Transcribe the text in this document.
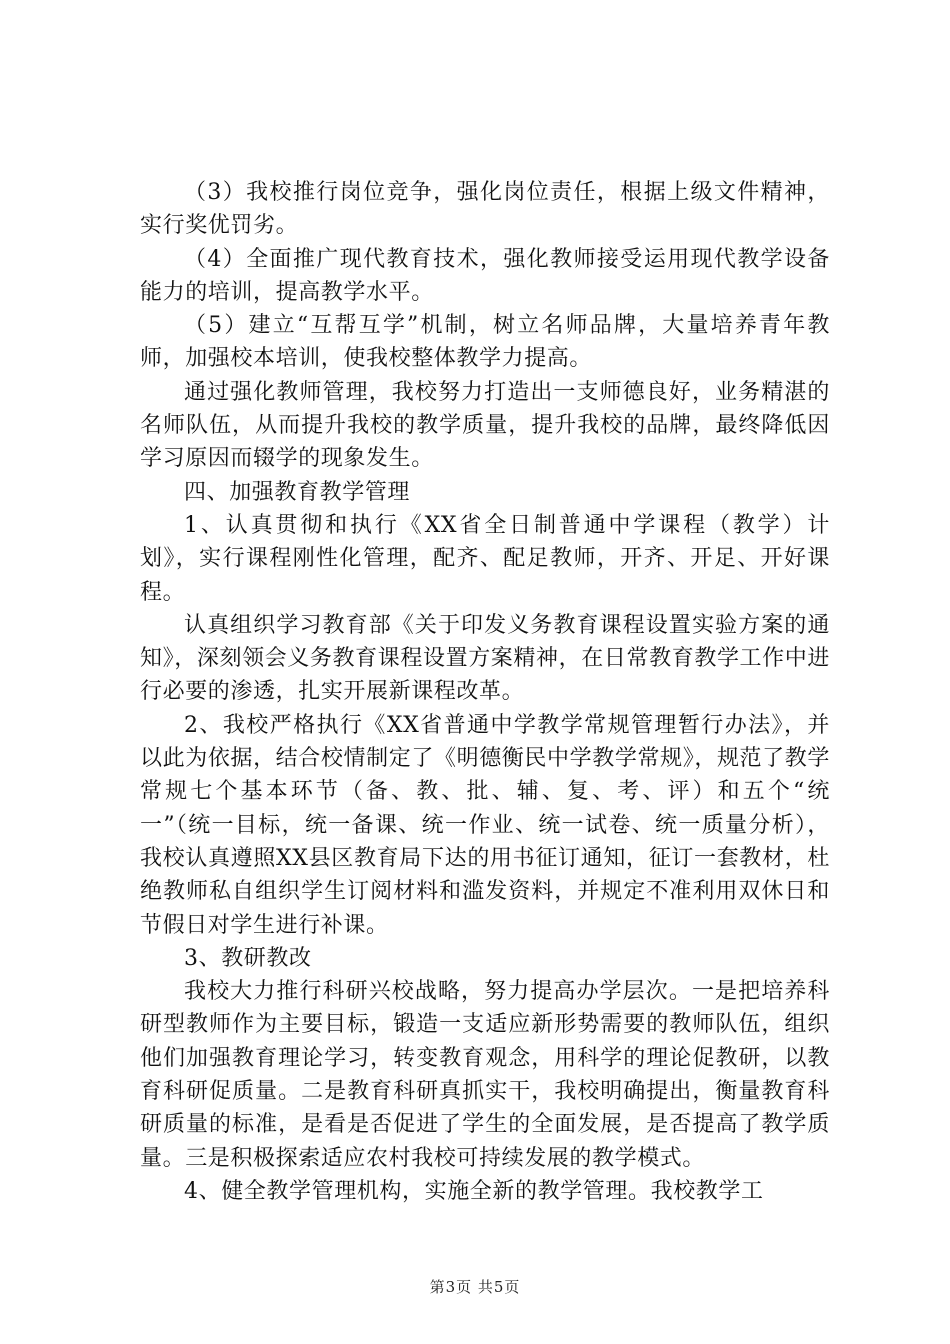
（3）我校推行岗位竞争，强化岗位责任，根据上级文件精神，实行奖优罚劣。

（4）全面推广现代教育技术，强化教师接受运用现代教学设备能力的培训，提高教学水平。

（5）建立“互帮互学”机制，树立名师品牌，大量培养青年教师，加强校本培训，使我校整体教学力提高。

通过强化教师管理，我校努力打造出一支师德良好，业务精湛的名师队伍，从而提升我校的教学质量，提升我校的品牌，最终降低因学习原因而辍学的现象发生。

四、加强教育教学管理

1、认真贯彻和执行《XX省全日制普通中学课程（教学）计划》，实行课程刚性化管理，配齐、配足教师，开齐、开足、开好课程。

认真组织学习教育部《关于印发义务教育课程设置实验方案的通知》，深刻领会义务教育课程设置方案精神，在日常教育教学工作中进行必要的渗透，扎实开展新课程改革。

2、我校严格执行《XX省普通中学教学常规管理暂行办法》，并以此为依据，结合校情制定了《明德衡民中学教学常规》，规范了教学常规七个基本环节（备、教、批、辅、复、考、评）和五个“统一”（统一目标，统一备课、统一作业、统一试卷、统一质量分析），我校认真遵照XX县区教育局下达的用书征订通知，征订一套教材，杜绝教师私自组织学生订阅材料和滥发资料，并规定不准利用双休日和节假日对学生进行补课。

3、教研教改

我校大力推行科研兴校战略，努力提高办学层次。一是把培养科研型教师作为主要目标，锻造一支适应新形势需要的教师队伍，组织他们加强教育理论学习，转变教育观念，用科学的理论促教研，以教育科研促质量。二是教育科研真抓实干，我校明确提出，衡量教育科研质量的标准，是看是否促进了学生的全面发展，是否提高了教学质量。三是积极探索适应农村我校可持续发展的教学模式。

4、健全教学管理机构，实施全新的教学管理。我校教学工

第3页 共5页
